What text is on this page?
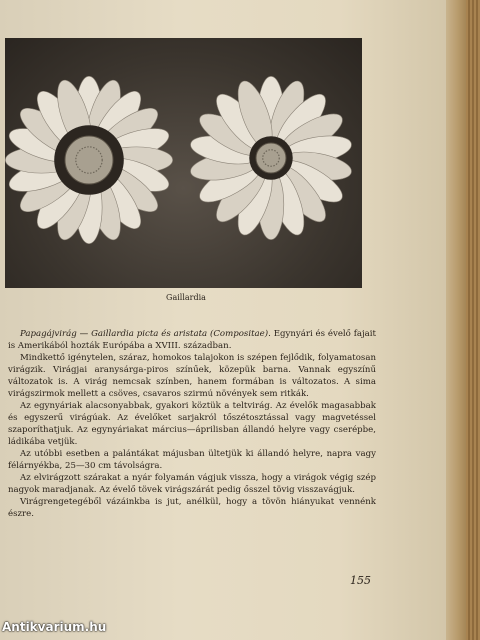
Gaillardia

Papagájvirág — Gaillardia picta és aristata (Compositae). Egynyári és évelő fajait is Amerikából hozták Európába a XVIII. században.

Mindkettő igénytelen, száraz, homokos talajokon is szépen fejlődik, folyamatosan virágzik. Virágjai aranysárga-piros színűek, közepük barna. Vannak egyszínű változatok is. A virág nemcsak színben, hanem formában is változatos. A sima virágszirmok mellett a csöves, csavaros szirmú növények sem ritkák.

Az egynyáriak alacsonyabbak, gyakori köztük a teltvirág. Az évelők magasabbak és egyszerű virágúak. Az évelőket sarjakról tőszétosztással vagy magvetéssel szaporíthatjuk. Az egynyáriakat március—áprilisban állandó helyre vagy cserépbe, ládikába vetjük.

Az utóbbi esetben a palántákat májusban ültetjük ki állandó helyre, napra vagy félárnyékba, 25—30 cm távolságra.

Az elvirágzott szárakat a nyár folyamán vágjuk vissza, hogy a virágok végig szép nagyok maradjanak. Az évelő tövek virágszárát pedig ősszel tövig visszavágjuk.

Virágrengetegéből vázáinkba is jut, anélkül, hogy a tövön hiányukat vennénk észre.

155
Antikvarium.hu
